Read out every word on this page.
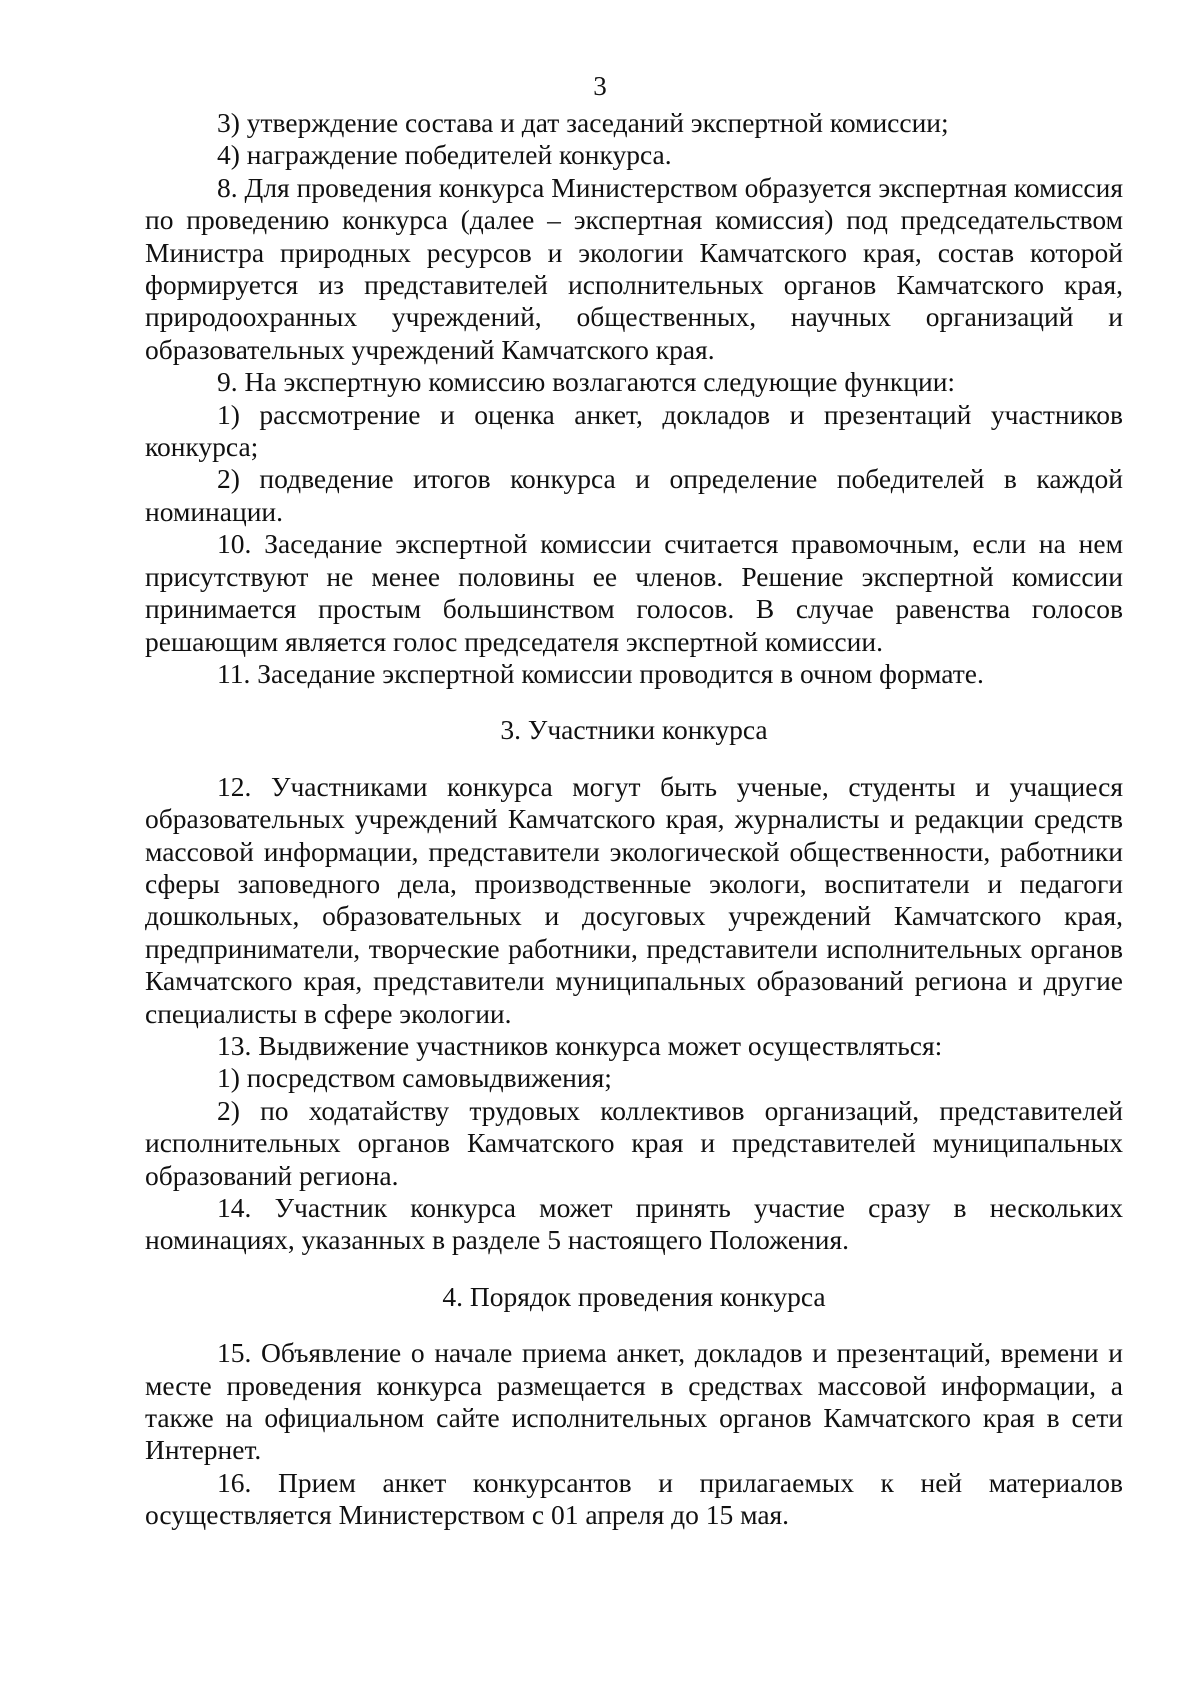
3

3) утверждение состава и дат заседаний экспертной комиссии;

4) награждение победителей конкурса.

8. Для проведения конкурса Министерством образуется экспертная комиссия по проведению конкурса (далее – экспертная комиссия) под председательством Министра природных ресурсов и экологии Камчатского края, состав которой формируется из представителей исполнительных органов Камчатского края, природоохранных учреждений, общественных, научных организаций и образовательных учреждений Камчатского края.

9. На экспертную комиссию возлагаются следующие функции:

1) рассмотрение и оценка анкет, докладов и презентаций участников конкурса;

2) подведение итогов конкурса и определение победителей в каждой номинации.

10. Заседание экспертной комиссии считается правомочным, если на нем присутствуют не менее половины ее членов. Решение экспертной комиссии принимается простым большинством голосов. В случае равенства голосов решающим является голос председателя экспертной комиссии.

11. Заседание экспертной комиссии проводится в очном формате.

3. Участники конкурса

12. Участниками конкурса могут быть ученые, студенты и учащиеся образовательных учреждений Камчатского края, журналисты и редакции средств массовой информации, представители экологической общественности, работники сферы заповедного дела, производственные экологи, воспитатели и педагоги дошкольных, образовательных и досуговых учреждений Камчатского края, предприниматели, творческие работники, представители исполнительных органов Камчатского края, представители муниципальных образований региона и другие специалисты в сфере экологии.

13. Выдвижение участников конкурса может осуществляться:

1) посредством самовыдвижения;

2) по ходатайству трудовых коллективов организаций, представителей исполнительных органов Камчатского края и представителей муниципальных образований региона.

14. Участник конкурса может принять участие сразу в нескольких номинациях, указанных в разделе 5 настоящего Положения.

4. Порядок проведения конкурса

15. Объявление о начале приема анкет, докладов и презентаций, времени и месте проведения конкурса размещается в средствах массовой информации, а также на официальном сайте исполнительных органов Камчатского края в сети Интернет.

16. Прием анкет конкурсантов и прилагаемых к ней материалов осуществляется Министерством с 01 апреля до 15 мая.
